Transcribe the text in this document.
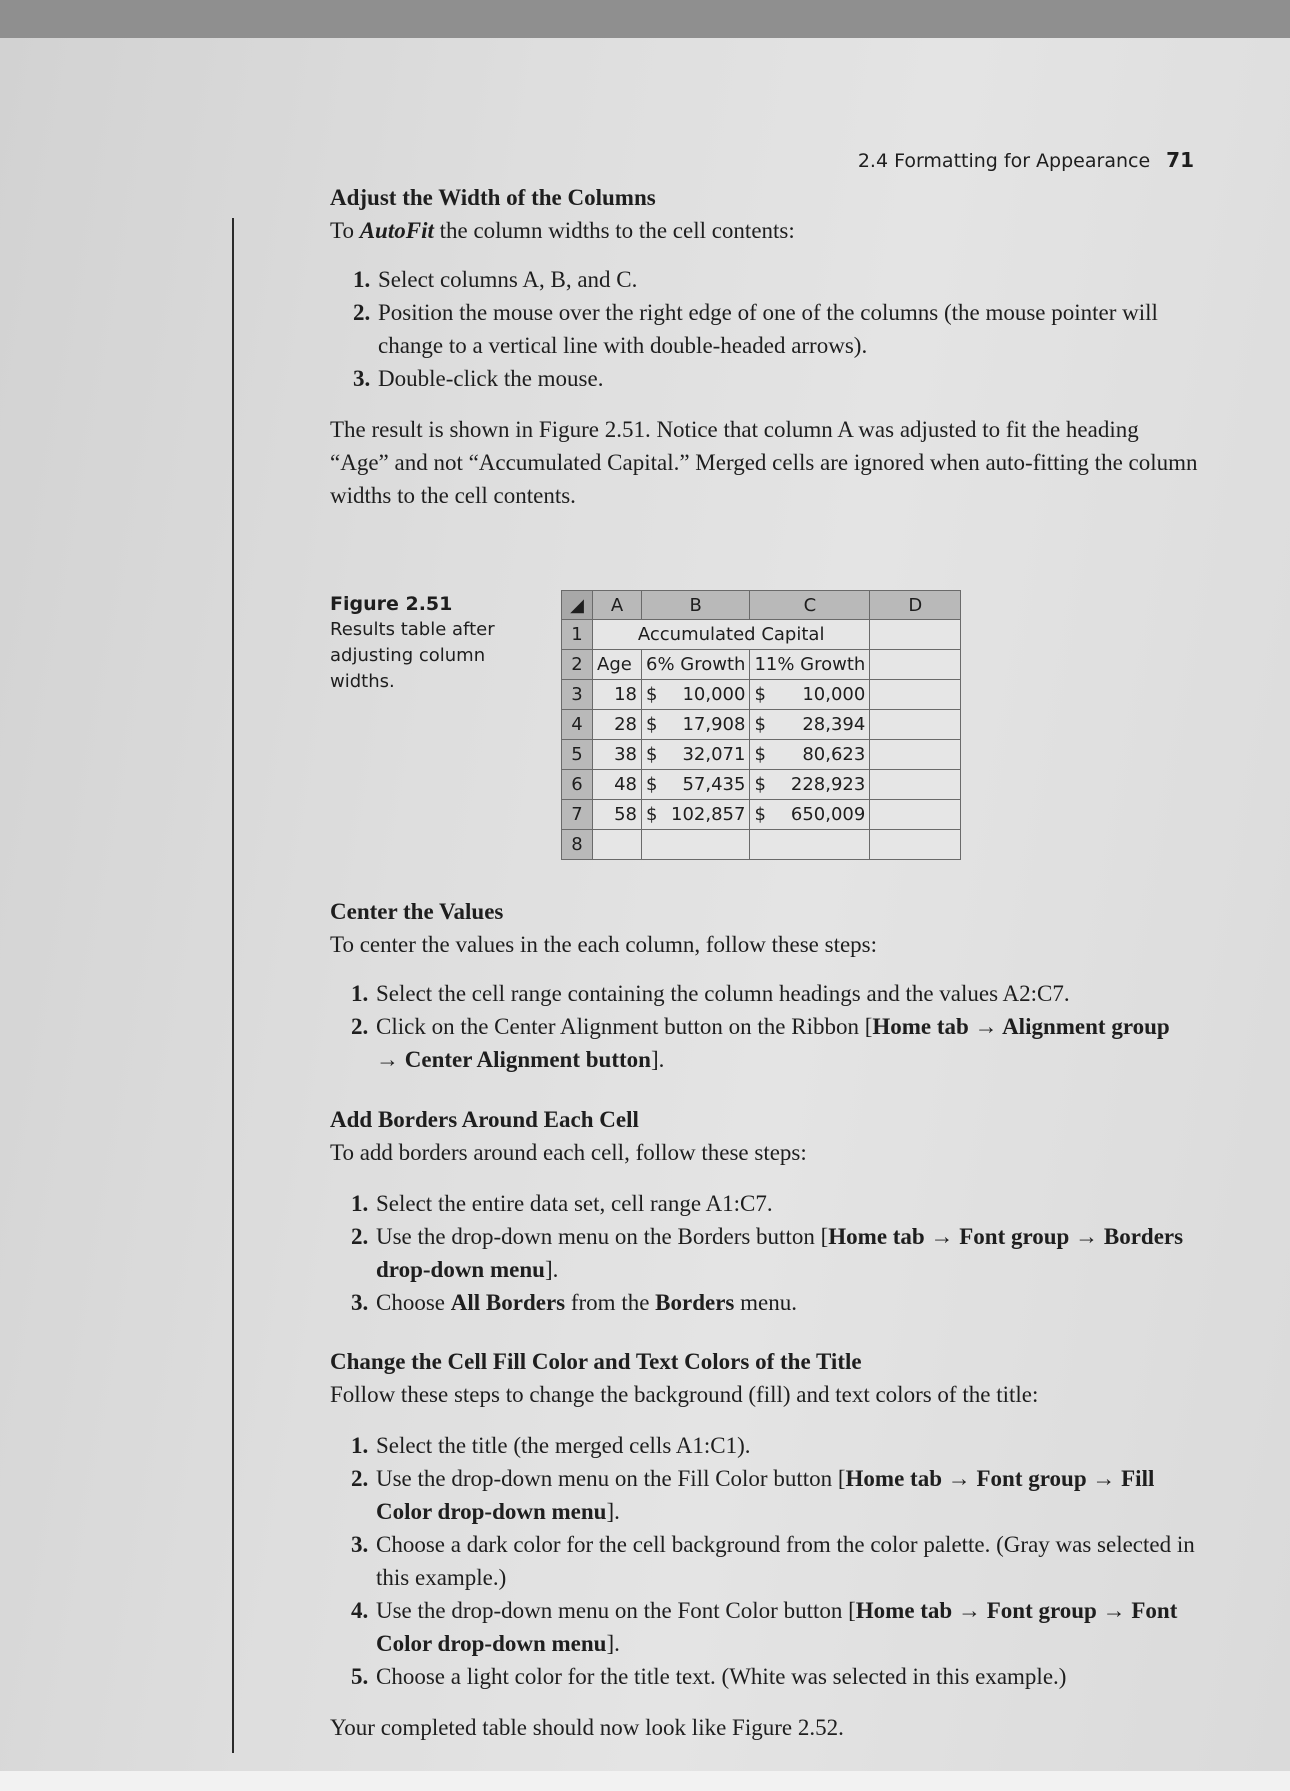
2.4 Formatting for Appearance 71

Adjust the Width of the Columns

To AutoFit the column widths to the cell contents:

1. Select columns A, B, and C.
2. Position the mouse over the right edge of one of the columns (the mouse pointer will change to a vertical line with double-headed arrows).
3. Double-click the mouse.

The result is shown in Figure 2.51. Notice that column A was adjusted to fit the heading “Age” and not “Accumulated Capital.” Merged cells are ignored when auto-fitting the column widths to the cell contents.

Figure 2.51
Results table after adjusting column widths.
◢	A	B	C	D
1	Accumulated Capital			
2	Age	6% Growth	11% Growth	
3	18	$ 10,000	$ 10,000	

4	28	$ 17,908	$ 28,394	

5	38	$ 32,071	$ 80,623	

6	48	$ 57,435	$ 228,923	

7	58	$ 102,857	$ 650,009	

8				

Center the Values

To center the values in the each column, follow these steps:

1. Select the cell range containing the column headings and the values A2:C7.
2. Click on the Center Alignment button on the Ribbon [Home tab → Alignment group → Center Alignment button].

Add Borders Around Each Cell

To add borders around each cell, follow these steps:

1. Select the entire data set, cell range A1:C7.
2. Use the drop-down menu on the Borders button [Home tab → Font group → Borders drop-down menu].
3. Choose All Borders from the Borders menu.

Change the Cell Fill Color and Text Colors of the Title

Follow these steps to change the background (fill) and text colors of the title:

1. Select the title (the merged cells A1:C1).
2. Use the drop-down menu on the Fill Color button [Home tab → Font group → Fill Color drop-down menu].
3. Choose a dark color for the cell background from the color palette. (Gray was selected in this example.)
4. Use the drop-down menu on the Font Color button [Home tab → Font group → Font Color drop-down menu].
5. Choose a light color for the title text. (White was selected in this example.)

Your completed table should now look like Figure 2.52.
